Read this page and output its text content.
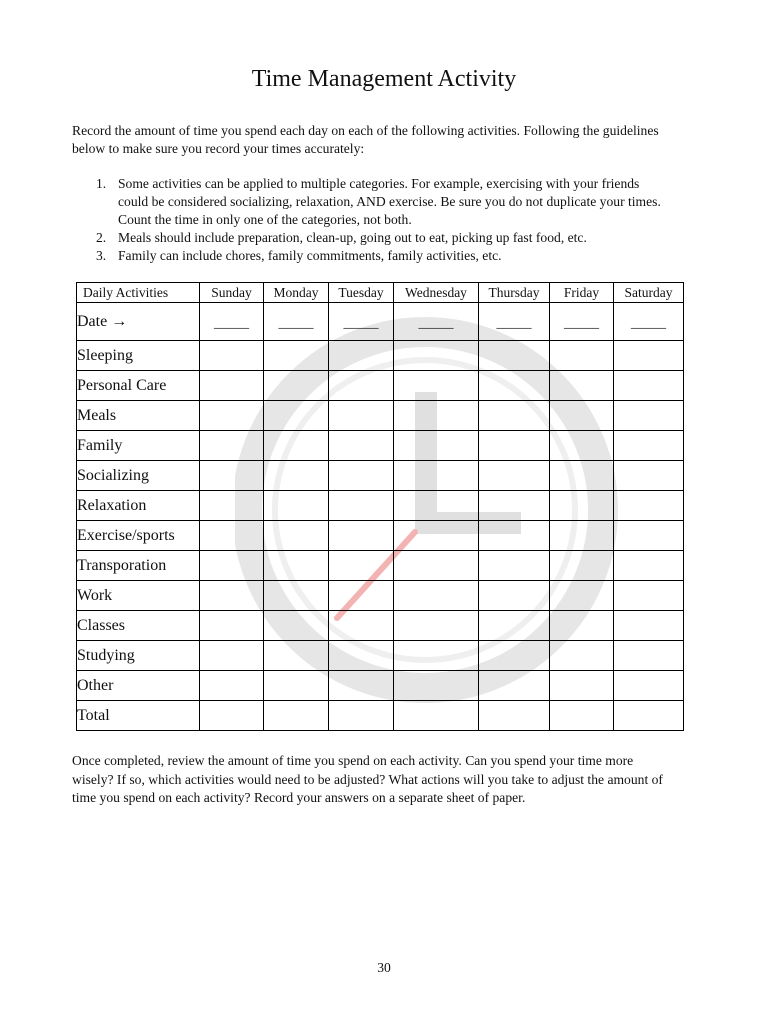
Time Management Activity

Record the amount of time you spend each day on each of the following activities. Following the guidelines below to make sure you record your times accurately:

1. Some activities can be applied to multiple categories. For example, exercising with your friends could be considered socializing, relaxation, AND exercise. Be sure you do not duplicate your times. Count the time in only one of the categories, not both.
2. Meals should include preparation, clean-up, going out to eat, picking up fast food, etc.
3. Family can include chores, family commitments, family activities, etc.
Daily Activities	Sunday	Monday	Tuesday	Wednesday	Thursday	Friday	Saturday
Date →	_____	_____	_____	_____	_____	_____	_____
Sleeping							
Personal Care							
Meals							
Family							
Socializing							
Relaxation							
Exercise/sports							
Transporation							
Work							
Classes							
Studying							
Other							
Total							

Once completed, review the amount of time you spend on each activity. Can you spend your time more wisely? If so, which activities would need to be adjusted? What actions will you take to adjust the amount of time you spend on each activity? Record your answers on a separate sheet of paper.

30
